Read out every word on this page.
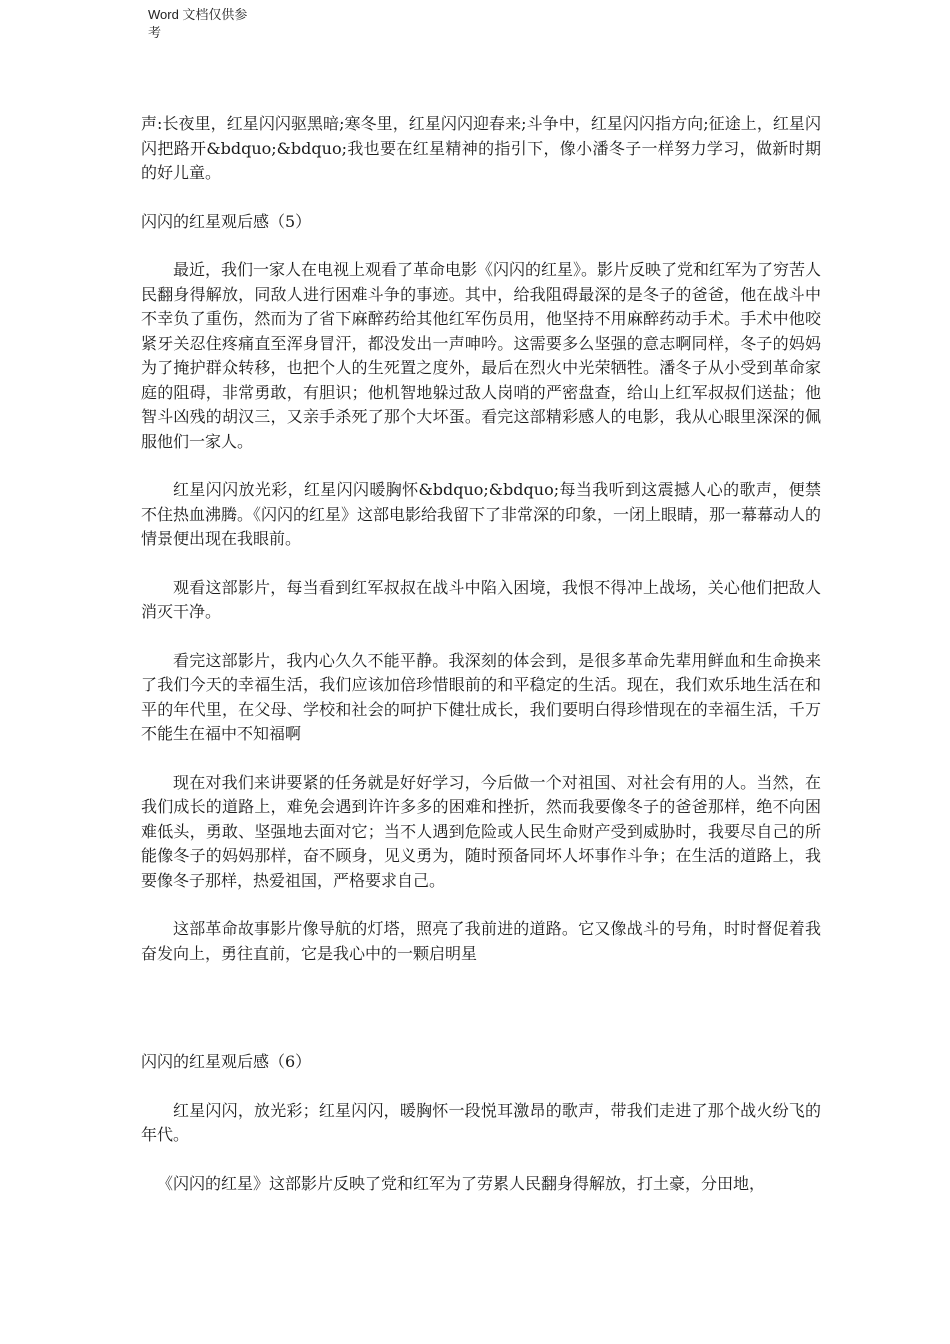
Word 文档仅供参
考

声:长夜里，红星闪闪驱黑暗;寒冬里，红星闪闪迎春来;斗争中，红星闪闪指方向;征途上，红星闪闪把路开&bdquo;&bdquo;我也要在红星精神的指引下，像小潘冬子一样努力学习，做新时期的好儿童。

闪闪的红星观后感（5）

最近，我们一家人在电视上观看了革命电影《闪闪的红星》。影片反映了党和红军为了穷苦人民翻身得解放，同敌人进行困难斗争的事迹。其中，给我阻碍最深的是冬子的爸爸，他在战斗中不幸负了重伤，然而为了省下麻醉药给其他红军伤员用，他坚持不用麻醉药动手术。手术中他咬紧牙关忍住疼痛直至浑身冒汗，都没发出一声呻吟。这需要多么坚强的意志啊同样，冬子的妈妈为了掩护群众转移，也把个人的生死置之度外，最后在烈火中光荣牺牲。潘冬子从小受到革命家庭的阻碍，非常勇敢，有胆识；他机智地躲过敌人岗哨的严密盘查，给山上红军叔叔们送盐；他智斗凶残的胡汉三，又亲手杀死了那个大坏蛋。看完这部精彩感人的电影，我从心眼里深深的佩服他们一家人。

红星闪闪放光彩，红星闪闪暖胸怀&bdquo;&bdquo;每当我听到这震撼人心的歌声，便禁不住热血沸腾。《闪闪的红星》这部电影给我留下了非常深的印象，一闭上眼睛，那一幕幕动人的情景便出现在我眼前。

观看这部影片，每当看到红军叔叔在战斗中陷入困境，我恨不得冲上战场，关心他们把敌人消灭干净。

看完这部影片，我内心久久不能平静。我深刻的体会到，是很多革命先辈用鲜血和生命换来了我们今天的幸福生活，我们应该加倍珍惜眼前的和平稳定的生活。现在，我们欢乐地生活在和平的年代里，在父母、学校和社会的呵护下健壮成长，我们要明白得珍惜现在的幸福生活，千万不能生在福中不知福啊

现在对我们来讲要紧的任务就是好好学习，今后做一个对祖国、对社会有用的人。当然，在我们成长的道路上，难免会遇到许许多多的困难和挫折，然而我要像冬子的爸爸那样，绝不向困难低头，勇敢、坚强地去面对它；当不人遇到危险或人民生命财产受到威胁时，我要尽自己的所能像冬子的妈妈那样，奋不顾身，见义勇为，随时预备同坏人坏事作斗争；在生活的道路上，我要像冬子那样，热爱祖国，严格要求自己。

这部革命故事影片像导航的灯塔，照亮了我前进的道路。它又像战斗的号角，时时督促着我奋发向上，勇往直前，它是我心中的一颗启明星

闪闪的红星观后感（6）

红星闪闪，放光彩；红星闪闪，暖胸怀一段悦耳激昂的歌声，带我们走进了那个战火纷飞的年代。

《闪闪的红星》这部影片反映了党和红军为了劳累人民翻身得解放，打土豪，分田地，
